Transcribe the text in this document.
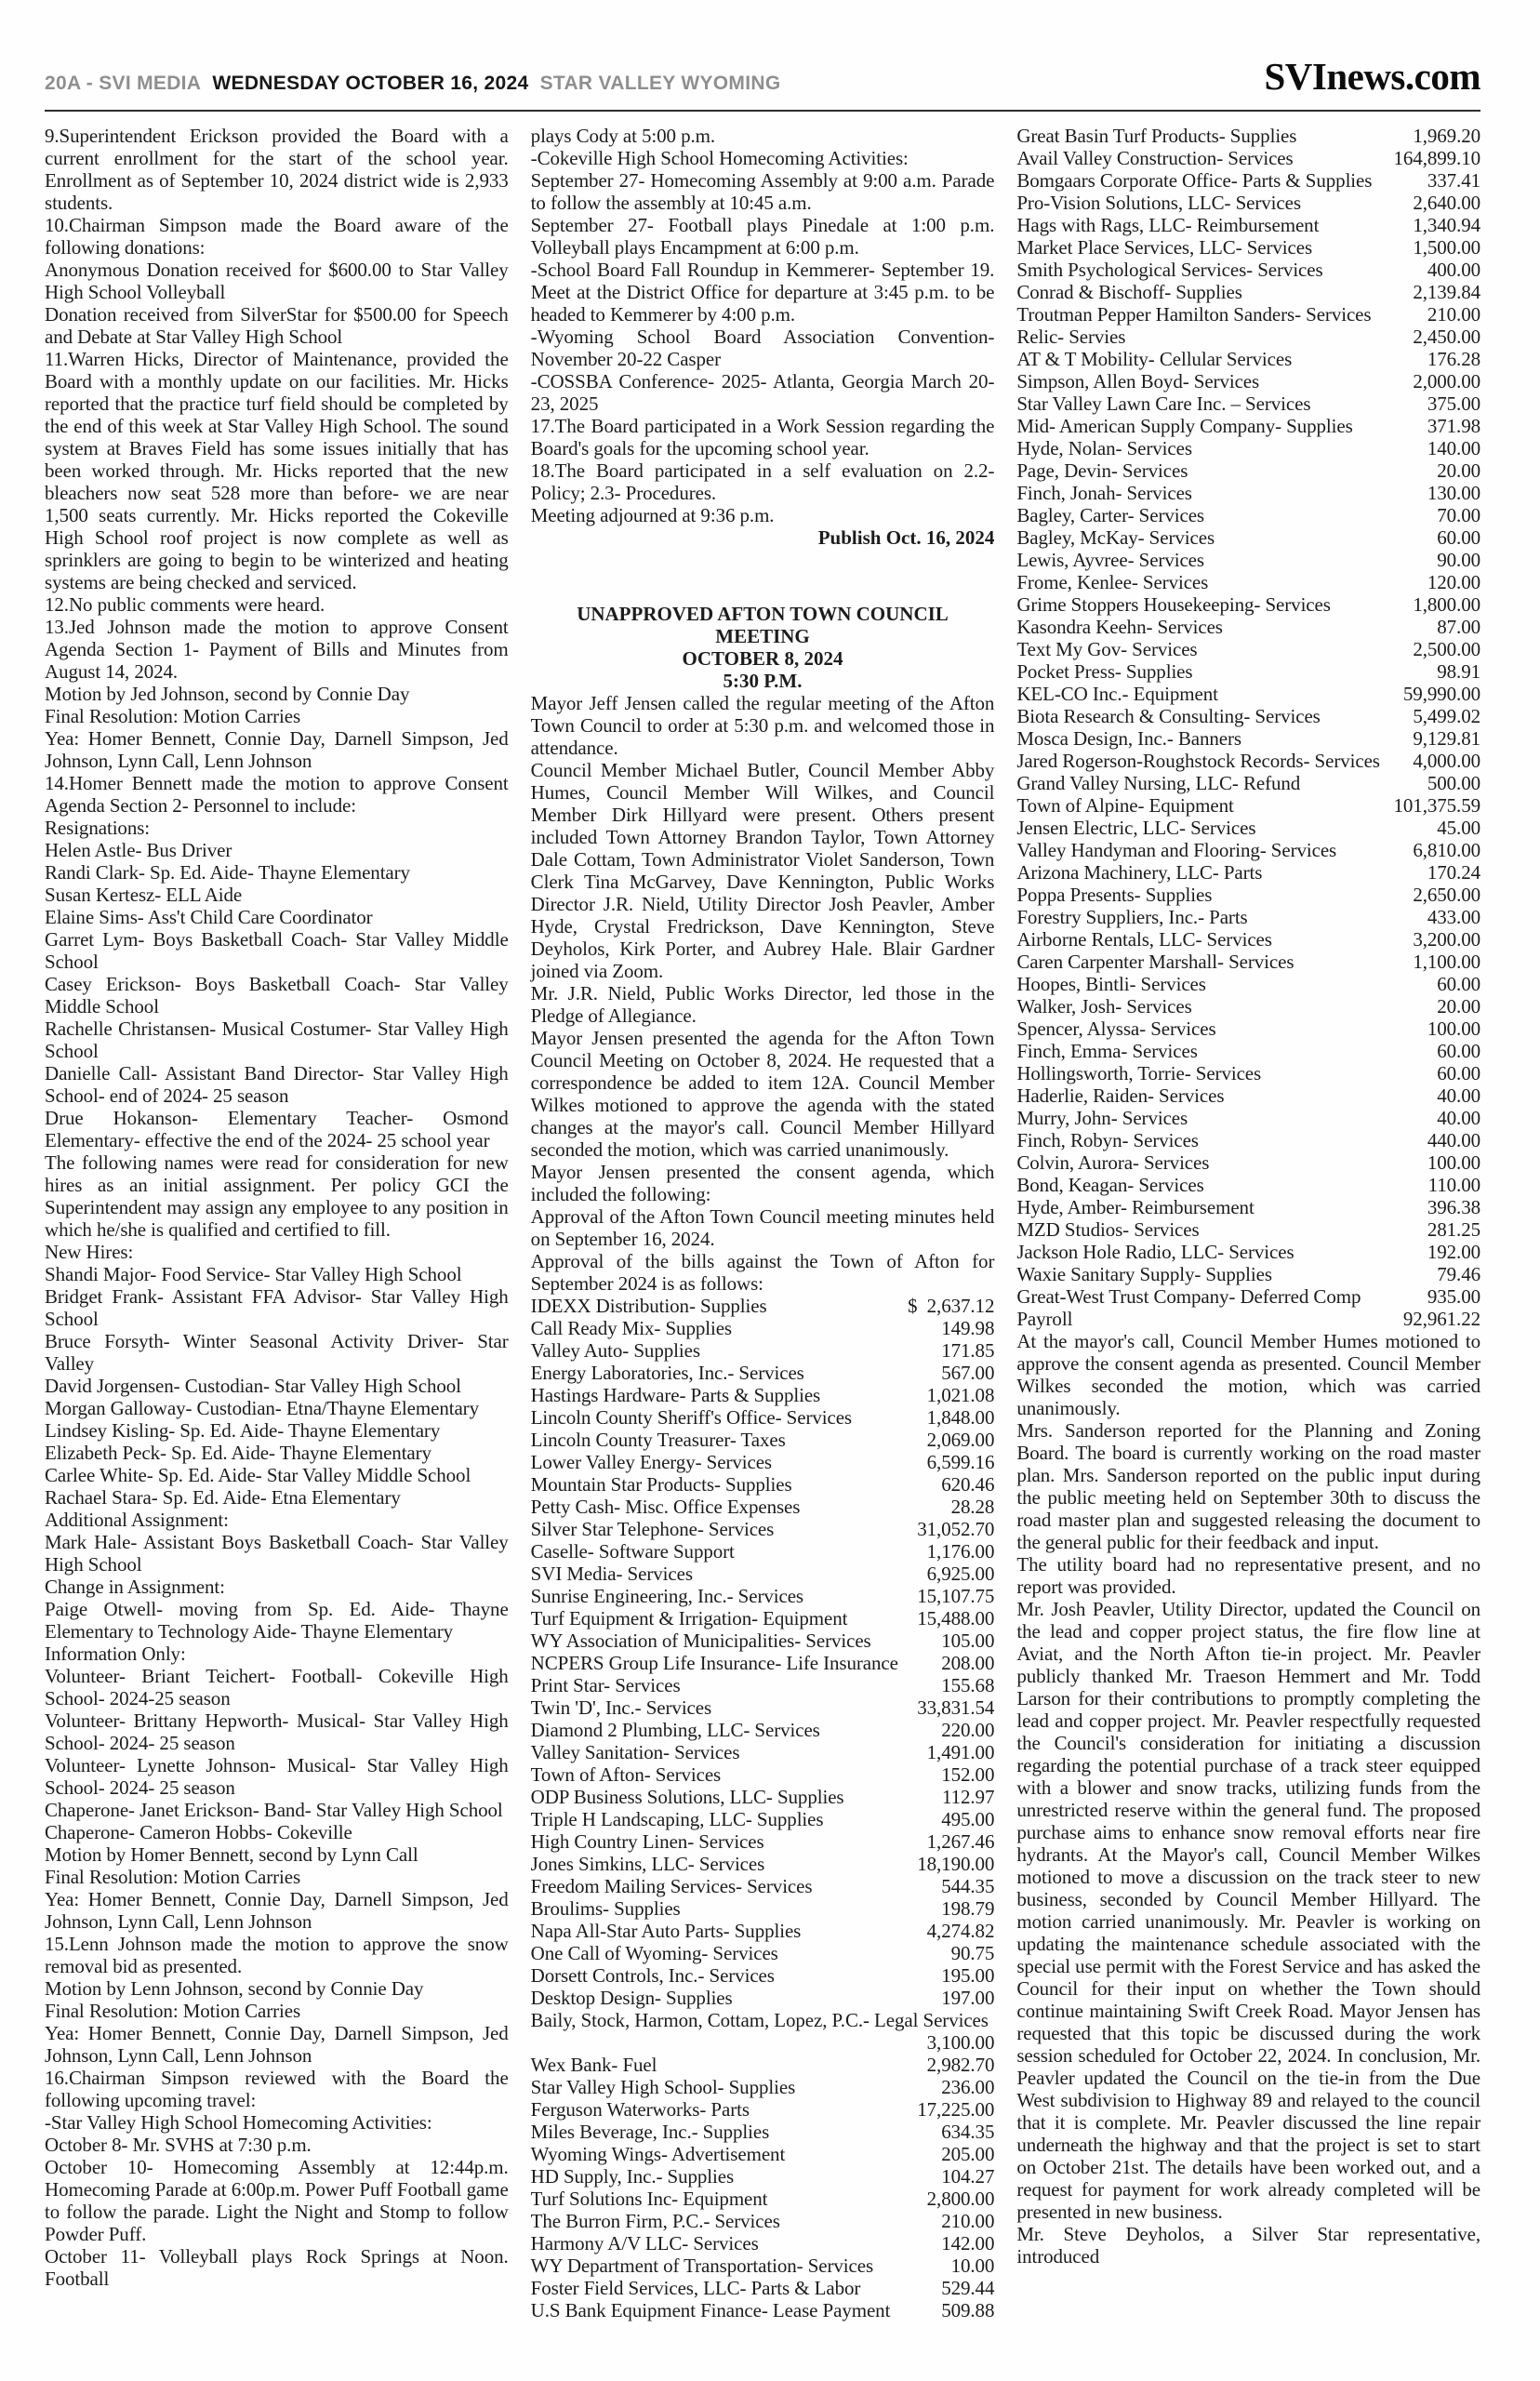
20A - SVI MEDIA WEDNESDAY OCTOBER 16, 2024 STAR VALLEY WYOMING	SVInews.com

9.Superintendent Erickson provided the Board with a current enrollment for the start of the school year. Enrollment as of September 10, 2024 district wide is 2,933 students.

10.Chairman Simpson made the Board aware of the following donations:

Anonymous Donation received for $600.00 to Star Valley High School Volleyball

Donation received from SilverStar for $500.00 for Speech and Debate at Star Valley High School

11.Warren Hicks, Director of Maintenance, provided the Board with a monthly update on our facilities. Mr. Hicks reported that the practice turf field should be completed by the end of this week at Star Valley High School. The sound system at Braves Field has some issues initially that has been worked through. Mr. Hicks reported that the new bleachers now seat 528 more than before- we are near 1,500 seats currently. Mr. Hicks reported the Cokeville High School roof project is now complete as well as sprinklers are going to begin to be winterized and heating systems are being checked and serviced.

12.No public comments were heard.

13.Jed Johnson made the motion to approve Consent Agenda Section 1- Payment of Bills and Minutes from August 14, 2024.

Motion by Jed Johnson, second by Connie Day

Final Resolution: Motion Carries

Yea: Homer Bennett, Connie Day, Darnell Simpson, Jed Johnson, Lynn Call, Lenn Johnson

14.Homer Bennett made the motion to approve Consent Agenda Section 2- Personnel to include:

Resignations:

Helen Astle- Bus Driver

Randi Clark- Sp. Ed. Aide- Thayne Elementary

Susan Kertesz- ELL Aide

Elaine Sims- Ass't Child Care Coordinator

Garret Lym- Boys Basketball Coach- Star Valley Middle School

Casey Erickson- Boys Basketball Coach- Star Valley Middle School

Rachelle Christansen- Musical Costumer- Star Valley High School

Danielle Call- Assistant Band Director- Star Valley High School- end of 2024- 25 season

Drue Hokanson- Elementary Teacher- Osmond Elementary- effective the end of the 2024- 25 school year

The following names were read for consideration for new hires as an initial assignment. Per policy GCI the Superintendent may assign any employee to any position in which he/she is qualified and certified to fill.

New Hires:

Shandi Major- Food Service- Star Valley High School

Bridget Frank- Assistant FFA Advisor- Star Valley High School

Bruce Forsyth- Winter Seasonal Activity Driver- Star Valley

David Jorgensen- Custodian- Star Valley High School

Morgan Galloway- Custodian- Etna/Thayne Elementary

Lindsey Kisling- Sp. Ed. Aide- Thayne Elementary

Elizabeth Peck- Sp. Ed. Aide- Thayne Elementary

Carlee White- Sp. Ed. Aide- Star Valley Middle School

Rachael Stara- Sp. Ed. Aide- Etna Elementary

Additional Assignment:

Mark Hale- Assistant Boys Basketball Coach- Star Valley High School

Change in Assignment:

Paige Otwell- moving from Sp. Ed. Aide- Thayne Elementary to Technology Aide- Thayne Elementary

Information Only:

Volunteer- Briant Teichert- Football- Cokeville High School- 2024-25 season

Volunteer- Brittany Hepworth- Musical- Star Valley High School- 2024- 25 season

Volunteer- Lynette Johnson- Musical- Star Valley High School- 2024- 25 season

Chaperone- Janet Erickson- Band- Star Valley High School

Chaperone- Cameron Hobbs- Cokeville

Motion by Homer Bennett, second by Lynn Call

Final Resolution: Motion Carries

Yea: Homer Bennett, Connie Day, Darnell Simpson, Jed Johnson, Lynn Call, Lenn Johnson

15.Lenn Johnson made the motion to approve the snow removal bid as presented.

Motion by Lenn Johnson, second by Connie Day

Final Resolution: Motion Carries

Yea: Homer Bennett, Connie Day, Darnell Simpson, Jed Johnson, Lynn Call, Lenn Johnson

16.Chairman Simpson reviewed with the Board the following upcoming travel:

-Star Valley High School Homecoming Activities:

October 8- Mr. SVHS at 7:30 p.m.

October 10- Homecoming Assembly at 12:44p.m. Homecoming Parade at 6:00p.m. Power Puff Football game to follow the parade. Light the Night and Stomp to follow Powder Puff.

October 11- Volleyball plays Rock Springs at Noon. Football

plays Cody at 5:00 p.m.

-Cokeville High School Homecoming Activities:

September 27- Homecoming Assembly at 9:00 a.m. Parade to follow the assembly at 10:45 a.m.

September 27- Football plays Pinedale at 1:00 p.m. Volleyball plays Encampment at 6:00 p.m.

-School Board Fall Roundup in Kemmerer- September 19. Meet at the District Office for departure at 3:45 p.m. to be headed to Kemmerer by 4:00 p.m.

-Wyoming School Board Association Convention- November 20-22 Casper

-COSSBA Conference- 2025- Atlanta, Georgia March 20-23, 2025

17.The Board participated in a Work Session regarding the Board's goals for the upcoming school year.

18.The Board participated in a self evaluation on 2.2- Policy; 2.3- Procedures.

Meeting adjourned at 9:36 p.m.

Publish Oct. 16, 2024

UNAPPROVED AFTON TOWN COUNCIL MEETING

OCTOBER 8, 2024

5:30 P.M.

Mayor Jeff Jensen called the regular meeting of the Afton Town Council to order at 5:30 p.m. and welcomed those in attendance.

Council Member Michael Butler, Council Member Abby Humes, Council Member Will Wilkes, and Council Member Dirk Hillyard were present. Others present included Town Attorney Brandon Taylor, Town Attorney Dale Cottam, Town Administrator Violet Sanderson, Town Clerk Tina McGarvey, Dave Kennington, Public Works Director J.R. Nield, Utility Director Josh Peavler, Amber Hyde, Crystal Fredrickson, Dave Kennington, Steve Deyholos, Kirk Porter, and Aubrey Hale. Blair Gardner joined via Zoom.

Mr. J.R. Nield, Public Works Director, led those in the Pledge of Allegiance.

Mayor Jensen presented the agenda for the Afton Town Council Meeting on October 8, 2024. He requested that a correspondence be added to item 12A. Council Member Wilkes motioned to approve the agenda with the stated changes at the mayor's call. Council Member Hillyard seconded the motion, which was carried unanimously.

Mayor Jensen presented the consent agenda, which included the following:

Approval of the Afton Town Council meeting minutes held on September 16, 2024.

Approval of the bills against the Town of Afton for September 2024 is as follows:

IDEXX Distribution- Supplies	$  2,637.12
Call Ready Mix- Supplies	149.98
Valley Auto- Supplies	171.85
Energy Laboratories, Inc.- Services	567.00
Hastings Hardware- Parts & Supplies	1,021.08
Lincoln County Sheriff's Office- Services	1,848.00
Lincoln County Treasurer- Taxes	2,069.00
Lower Valley Energy- Services	6,599.16
Mountain Star Products- Supplies	620.46
Petty Cash- Misc. Office Expenses	28.28
Silver Star Telephone- Services	31,052.70
Caselle- Software Support	1,176.00
SVI Media- Services	6,925.00
Sunrise Engineering, Inc.- Services	15,107.75
Turf Equipment & Irrigation- Equipment	15,488.00
WY Association of Municipalities- Services	105.00
NCPERS Group Life Insurance- Life Insurance 208.00
Print Star- Services	155.68
Twin 'D', Inc.- Services	33,831.54
Diamond 2 Plumbing, LLC- Services	220.00
Valley Sanitation- Services	1,491.00
Town of Afton- Services	152.00
ODP Business Solutions, LLC- Supplies	112.97
Triple H Landscaping, LLC- Supplies	495.00
High Country Linen- Services	1,267.46
Jones Simkins, LLC- Services	18,190.00
Freedom Mailing Services- Services	544.35
Broulims- Supplies	198.79
Napa All-Star Auto Parts- Supplies	4,274.82
One Call of Wyoming- Services	90.75
Dorsett Controls, Inc.- Services	195.00
Desktop Design- Supplies	197.00

Baily, Stock, Harmon, Cottam, Lopez, P.C.- Legal Services

3,100.00
Wex Bank- Fuel	2,982.70
Star Valley High School- Supplies	236.00
Ferguson Waterworks- Parts	17,225.00
Miles Beverage, Inc.- Supplies	634.35
Wyoming Wings- Advertisement	205.00
HD Supply, Inc.- Supplies	104.27
Turf Solutions Inc- Equipment	2,800.00
The Burron Firm, P.C.- Services	210.00
Harmony A/V LLC- Services	142.00
WY Department of Transportation- Services	10.00
Foster Field Services, LLC- Parts & Labor	529.44
U.S Bank Equipment Finance- Lease Payment	509.88
Great Basin Turf Products- Supplies	1,969.20
Avail Valley Construction- Services	164,899.10
Bomgaars Corporate Office- Parts & Supplies	337.41
Pro-Vision Solutions, LLC- Services	2,640.00
Hags with Rags, LLC- Reimbursement	1,340.94
Market Place Services, LLC- Services	1,500.00
Smith Psychological Services- Services	400.00
Conrad & Bischoff- Supplies	2,139.84
Troutman Pepper Hamilton Sanders- Services	210.00
Relic- Servies	2,450.00
AT & T Mobility- Cellular Services	176.28
Simpson, Allen Boyd- Services	2,000.00
Star Valley Lawn Care Inc. – Services	375.00
Mid- American Supply Company- Supplies	371.98
Hyde, Nolan- Services	140.00
Page, Devin- Services	20.00
Finch, Jonah- Services	130.00
Bagley, Carter- Services	70.00
Bagley, McKay- Services	60.00
Lewis, Ayvree- Services	90.00
Frome, Kenlee- Services	120.00
Grime Stoppers Housekeeping- Services	1,800.00
Kasondra Keehn- Services	87.00
Text My Gov- Services	2,500.00
Pocket Press- Supplies	98.91
KEL-CO Inc.- Equipment	59,990.00
Biota Research & Consulting- Services	5,499.02
Mosca Design, Inc.- Banners	9,129.81
Jared Rogerson-Roughstock Records- Services 4,000.00
Grand Valley Nursing, LLC- Refund	500.00
Town of Alpine- Equipment	101,375.59
Jensen Electric, LLC- Services	45.00
Valley Handyman and Flooring- Services	6,810.00
Arizona Machinery, LLC- Parts	170.24
Poppa Presents- Supplies	2,650.00
Forestry Suppliers, Inc.- Parts	433.00
Airborne Rentals, LLC- Services	3,200.00
Caren Carpenter Marshall- Services	1,100.00
Hoopes, Bintli- Services	60.00
Walker, Josh- Services	20.00
Spencer, Alyssa- Services	100.00
Finch, Emma- Services	60.00
Hollingsworth, Torrie- Services	60.00
Haderlie, Raiden- Services	40.00
Murry, John- Services	40.00
Finch, Robyn- Services	440.00
Colvin, Aurora- Services	100.00
Bond, Keagan- Services	110.00
Hyde, Amber- Reimbursement	396.38
MZD Studios- Services	281.25
Jackson Hole Radio, LLC- Services	192.00
Waxie Sanitary Supply- Supplies	79.46
Great-West Trust Company- Deferred Comp	935.00
Payroll	92,961.22

At the mayor's call, Council Member Humes motioned to approve the consent agenda as presented. Council Member Wilkes seconded the motion, which was carried unanimously.

Mrs. Sanderson reported for the Planning and Zoning Board. The board is currently working on the road master plan. Mrs. Sanderson reported on the public input during the public meeting held on September 30th to discuss the road master plan and suggested releasing the document to the general public for their feedback and input.

The utility board had no representative present, and no report was provided.

Mr. Josh Peavler, Utility Director, updated the Council on the lead and copper project status, the fire flow line at Aviat, and the North Afton tie-in project. Mr. Peavler publicly thanked Mr. Traeson Hemmert and Mr. Todd Larson for their contributions to promptly completing the lead and copper project. Mr. Peavler respectfully requested the Council's consideration for initiating a discussion regarding the potential purchase of a track steer equipped with a blower and snow tracks, utilizing funds from the unrestricted reserve within the general fund. The proposed purchase aims to enhance snow removal efforts near fire hydrants. At the Mayor's call, Council Member Wilkes motioned to move a discussion on the track steer to new business, seconded by Council Member Hillyard. The motion carried unanimously. Mr. Peavler is working on updating the maintenance schedule associated with the special use permit with the Forest Service and has asked the Council for their input on whether the Town should continue maintaining Swift Creek Road. Mayor Jensen has requested that this topic be discussed during the work session scheduled for October 22, 2024. In conclusion, Mr. Peavler updated the Council on the tie-in from the Due West subdivision to Highway 89 and relayed to the council that it is complete. Mr. Peavler discussed the line repair underneath the highway and that the project is set to start on October 21st. The details have been worked out, and a request for payment for work already completed will be presented in new business.

Mr. Steve Deyholos, a Silver Star representative, introduced
